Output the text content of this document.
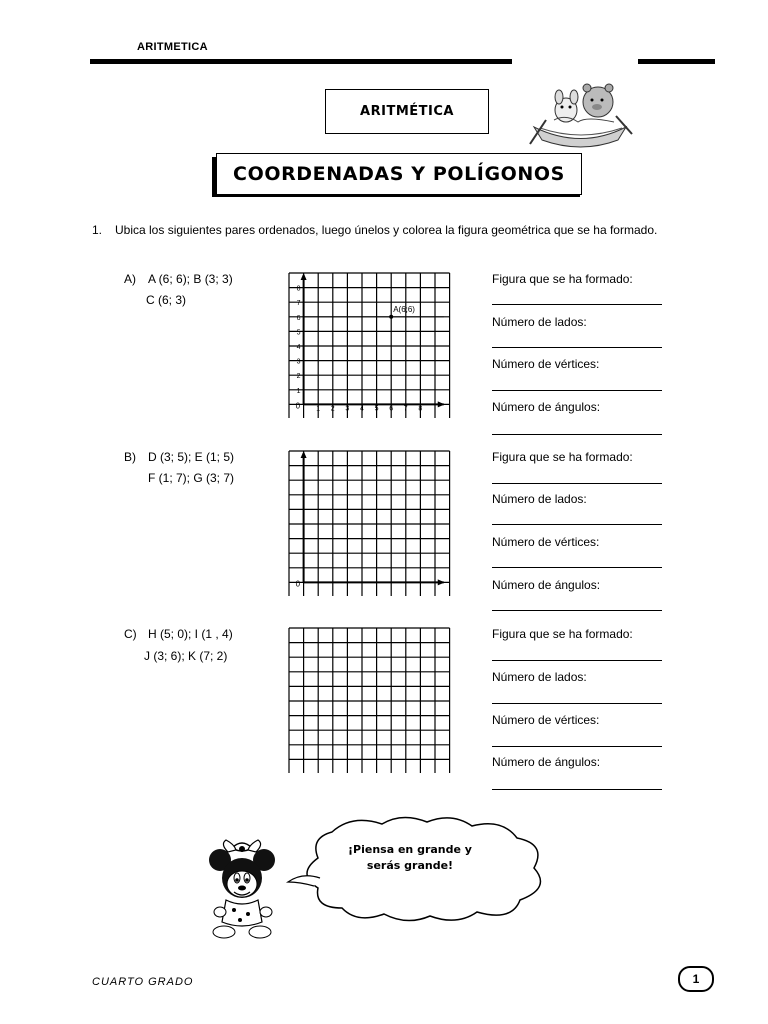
ARITMETICA
ARITMÉTICA
COORDENADAS Y POLÍGONOS
1. Ubica los siguientes pares ordenados, luego únelos y colorea la figura geométrica que se ha formado.
A) A (6; 6); B (3; 3)
C (6; 3)
B) D (3; 5); E (1; 5)
F (1; 7); G (3; 7)
C) H (5; 0); I (1 , 4)
J (3; 6); K (7; 2)
0
1
2
3
4
5
6
7
8
1 2 3 4 5 6 7 8
A(6;6)
0
Figura que se ha formado:
Número de lados:
Número de vértices:
Número de ángulos:
Figura que se ha formado:
Número de lados:
Número de vértices:
Número de ángulos:
Figura que se ha formado:
Número de lados:
Número de vértices:
Número de ángulos:
¡Piensa en grande y
serás grande!
CUARTO GRADO	1
